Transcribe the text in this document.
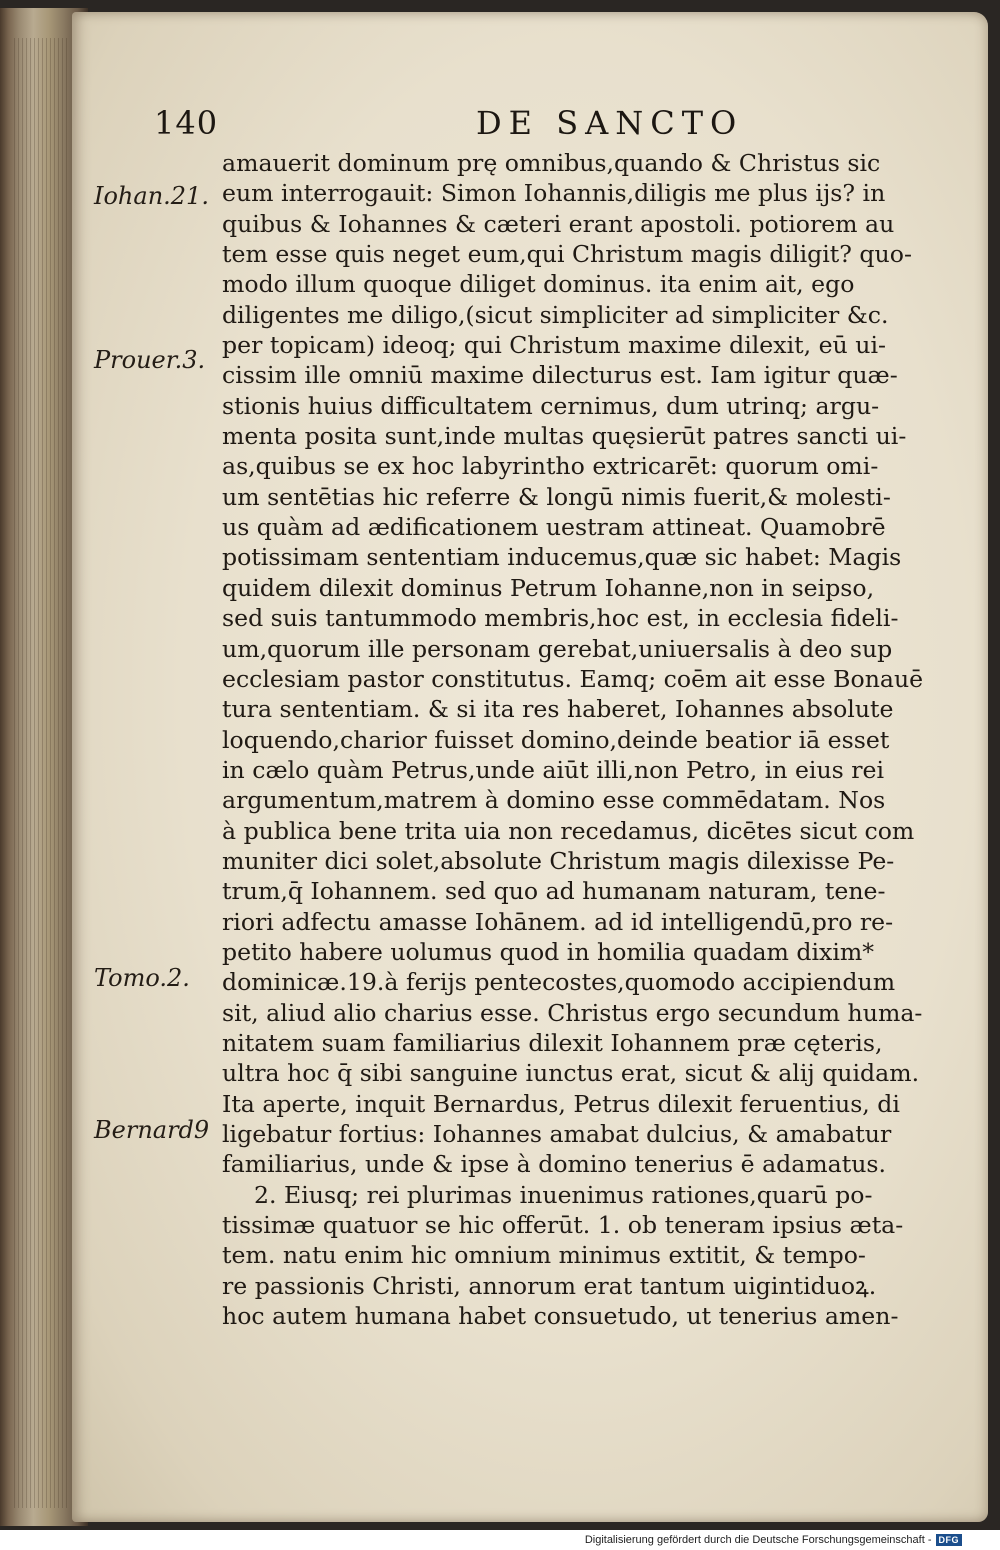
140	DE SANCTO
Iohan.21.
Prouer.3.
Tomo.2.
Bernard9
amauerit dominum prę omnibus,quando & Christus sic
eum interrogauit: Simon Iohannis,diligis me plus ijs? in
quibus & Iohannes & cæteri erant apostoli. potiorem au
tem esse quis neget eum,qui Christum magis diligit? quo-
modo illum quoque diliget dominus. ita enim ait, ego
diligentes me diligo,(sicut simpliciter ad simpliciter &c.
per topicam) ideoq; qui Christum maxime dilexit, eū ui-
cissim ille omniū maxime dilecturus est. Iam igitur quæ-
stionis huius difficultatem cernimus, dum utrinq; argu-
menta posita sunt,inde multas quęsierūt patres sancti ui-
as,quibus se ex hoc labyrintho extricarēt: quorum omi-
um sentētias hic referre & longū nimis fuerit,& molesti-
us quàm ad ædificationem uestram attineat. Quamobrē
potissimam sententiam inducemus,quæ sic habet: Magis
quidem dilexit dominus Petrum Iohanne,non in seipso,
sed suis tantummodo membris,hoc est, in ecclesia fideli-
um,quorum ille personam gerebat,uniuersalis à deo sup
ecclesiam pastor constitutus. Eamq; coēm ait esse Bonauē
tura sententiam. & si ita res haberet, Iohannes absolute
loquendo,charior fuisset domino,deinde beatior iā esset
in cælo quàm Petrus,unde aiūt illi,non Petro, in eius rei
argumentum,matrem à domino esse commēdatam. Nos
à publica bene trita uia non recedamus, dicētes sicut com
muniter dici solet,absolute Christum magis dilexisse Pe-
trum,q̄ Iohannem. sed quo ad humanam naturam, tene-
riori adfectu amasse Iohānem. ad id intelligendū,pro re-
petito habere uolumus quod in homilia quadam dixim*
dominicæ.19.à ferijs pentecostes,quomodo accipiendum
sit, aliud alio charius esse. Christus ergo secundum huma-
nitatem suam familiarius dilexit Iohannem præ cęteris,
ultra hoc q̄ sibi sanguine iunctus erat, sicut & alij quidam.
Ita aperte, inquit Bernardus, Petrus dilexit feruentius, di
ligebatur fortius: Iohannes amabat dulcius, & amabatur
familiarius, unde & ipse à domino tenerius ē adamatus.
2. Eiusq; rei plurimas inuenimus rationes,quarū po-
tissimæ quatuor se hic offerūt. 1. ob teneram ipsius æta-
tem. natu enim hic omnium minimus extitit, & tempo-
re passionis Christi, annorum erat tantum uigintiduoꝝ.
hoc autem humana habet consuetudo, ut tenerius amen-
Digitalisierung gefördert durch die Deutsche Forschungsgemeinschaft - DFG
